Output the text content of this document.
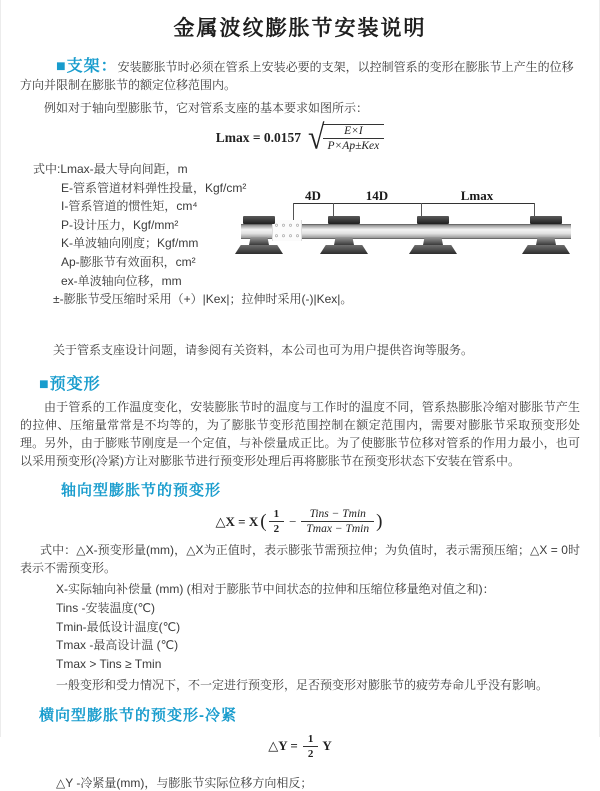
金属波纹膨胀节安装说明

■支架：安装膨胀节时必须在管系上安装必要的支架，以控制管系的变形在膨胀节上产生的位移方向并限制在膨胀节的额定位移范围内。

例如对于轴向型膨胀节，它对管系支座的基本要求如图所示：

Lmax = 0.0157 √
$\frac{E\times I}{\text{P×Ap±Kex}}$
式中:Lmax-最大导向间距，m
E-管系管道材料弹性投量，Kgf/cm²
I-管系管道的惯性矩，cm⁴
P-设计压力，Kgf/mm²
K-单波轴向刚度；Kgf/mm
Ap-膨胀节有效面积，cm²
ex-单波轴向位移，mm
±-膨胀节受压缩时采用（+）|Kex|；拉伸时采用(-)|Kex|。
4D	14D	Lmax
关于管系支座设计问题，请参阅有关资料，本公司也可为用户提供咨询等服务。
■预变形

由于管系的工作温度变化，安装膨胀节时的温度与工作时的温度不同，管系热膨胀冷缩对膨胀节产生的拉伸、压缩量常常是不均等的，为了膨胀节变形范围控制在额定范围内，需要对膨胀节采取预变形处理。另外，由于膨账节刚度是一个定值，与补偿量成正比。为了使膨胀节位移对管系的作用力最小，也可以采用预变形(冷紧)方让对膨胀节进行预变形处理后再将膨胀节在预变形状态下安装在管系中。

轴向型膨胀节的预变形
△X = X ( $\frac{1}{2} - \frac{\text{Tins − Tmin}}{Tmax - Tmin}$ )

式中：△X-预变形量(mm)，△X为正值时，表示膨张节需预拉伸；为负值时，表示需预压缩；△X = 0时表示不需预变形。

X-实际轴向补偿量 (mm) (相对于膨胀节中间状态的拉伸和压缩位移量绝对值之和)：
Tins -安装温度(℃)
Tmin-最低设计温度(℃)
Tmax -最高设计温 (℃)
Tmax > Tins ≥ Tmin

一般变形和受力情况下，不一定进行预变形，足否预变形对膨胀节的疲劳寿命儿乎没有影响。

横向型膨胀节的预变形-冷紧
△Y = $\frac{1}{2}$ Y
△Y -冷紧量(mm)，与膨胀节实际位移方向相反；
